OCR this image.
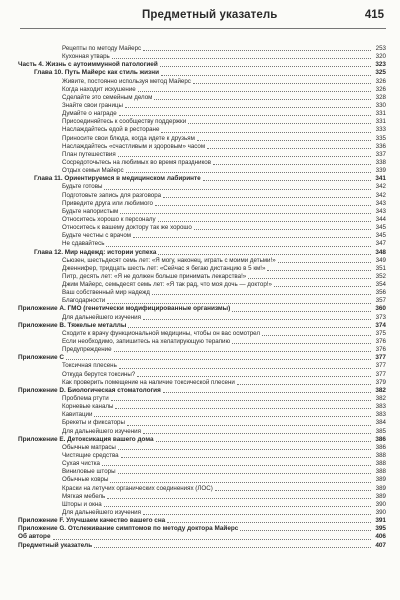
Предметный указатель	415
Рецепты по методу Майерс	253
Кухонная утварь	320
Часть 4. Жизнь с аутоиммунной патологией	323
Глава 10. Путь Майерс как стиль жизни	325
Живите, постоянно используя метод Майерс	326
Когда находит искушение	326
Сделайте это семейным делом	328
Знайте свои границы	330
Думайте о награде	331
Присоединяйтесь к сообществу поддержки	331
Наслаждайтесь едой в ресторане	333
Приносите свои блюда, когда идете к друзьям	335
Наслаждайтесь «счастливым и здоровым» часом	336
План путешествия	337
Сосредоточьтесь на любимых во время праздников	338
Отдых семьи Майерс	339
Глава 11. Ориентируемся в медицинском лабиринте	341
Будьте готовы	342
Подготовьте запись для разговора	342
Приведите друга или любимого	343
Будьте напористым	343
Относитесь хорошо к персоналу	344
Относитесь к вашему доктору так же хорошо	345
Будьте честны с врачом	345
Не сдавайтесь	347
Глава 12. Мир надежд: истории успеха	348
Сьюзен, шестьдесят семь лет: «Я могу, наконец, играть с моими детьми!»	349
Дженнифер, тридцать шесть лет: «Сейчас я бегаю дистанцию в 5 км!»	351
Питр, десять лет: «Я не должен больше принимать лекарства!»	352
Джим Майерс, семьдесят семь лет: «Я так рад, что моя дочь — доктор!»	354
Ваш собственный мир надежд	356
Благодарности	357
Приложение А. ГМО (генетически модифицированные организмы)	360
Для дальнейшего изучения	373
Приложение В. Тяжелые металлы	374
Сходите к врачу функциональной медицины, чтобы он вас осмотрел	375
Если необходимо, запишитесь на хелатирующую терапию	376
Предупреждение	376
Приложение С	377
Токсичная плесень	377
Откуда берутся токсины?	377
Как проверить помещение на наличие токсической плесени	379
Приложение D. Биологическая стоматология	382
Проблема ртути	382
Корневые каналы	383
Кавитации	383
Брекеты и фиксаторы	384
Для дальнейшего изучения	385
Приложение Е. Детоксикация вашего дома	386
Обычные матрасы	386
Чистящие средства	388
Сухая чистка	388
Виниловые шторы	388
Обычные ковры	389
Краски на летучих органических соединениях (ЛОС)	389
Мягкая мебель	389
Шторы и окна	390
Для дальнейшего изучения	390
Приложение F. Улучшаем качество вашего сна	391
Приложение G. Отслеживание симптомов по методу доктора Майерс	395
Об авторе	406
Предметный указатель	407
